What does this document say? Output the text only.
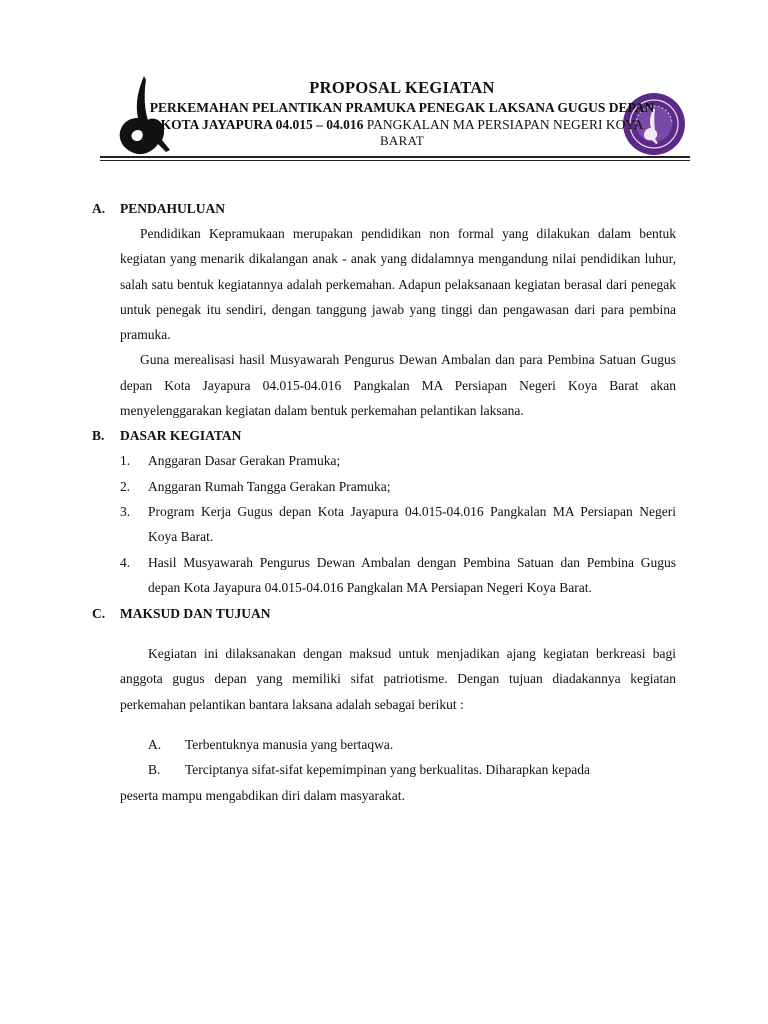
PROPOSAL KEGIATAN
PERKEMAHAN PELANTIKAN PRAMUKA PENEGAK LAKSANA GUGUS DEPAN
KOTA JAYAPURA 04.015 – 04.016 PANGKALAN MA PERSIAPAN NEGERI KOYA
BARAT
A.	PENDAHULUAN

Pendidikan Kepramukaan merupakan pendidikan non formal yang dilakukan dalam bentuk kegiatan yang menarik dikalangan anak - anak yang didalamnya mengandung nilai pendidikan luhur, salah satu bentuk kegiatannya adalah perkemahan. Adapun pelaksanaan kegiatan berasal dari penegak untuk penegak itu sendiri, dengan tanggung jawab yang tinggi dan pengawasan dari para pembina pramuka.

Guna merealisasi hasil Musyawarah Pengurus Dewan Ambalan dan para Pembina Satuan Gugus depan Kota Jayapura 04.015-04.016 Pangkalan MA Persiapan Negeri Koya Barat akan menyelenggarakan kegiatan dalam bentuk perkemahan pelantikan laksana.

B.	DASAR KEGIATAN
1.	Anggaran Dasar Gerakan Pramuka;
2.	Anggaran Rumah Tangga Gerakan Pramuka;
3.	Program Kerja Gugus depan Kota Jayapura 04.015-04.016 Pangkalan MA Persiapan Negeri Koya Barat.
4.	Hasil Musyawarah Pengurus Dewan Ambalan dengan Pembina Satuan dan Pembina Gugus depan Kota Jayapura 04.015-04.016 Pangkalan MA Persiapan Negeri Koya Barat.
C.	MAKSUD DAN TUJUAN

Kegiatan ini dilaksanakan dengan maksud untuk menjadikan ajang kegiatan berkreasi bagi anggota gugus depan yang memiliki sifat patriotisme. Dengan tujuan diadakannya kegiatan perkemahan pelantikan bantara laksana adalah sebagai berikut :

A. Terbentuknya manusia yang bertaqwa.
B. Terciptanya sifat-sifat kepemimpinan yang berkualitas. Diharapkan kepada
peserta mampu mengabdikan diri dalam masyarakat.
